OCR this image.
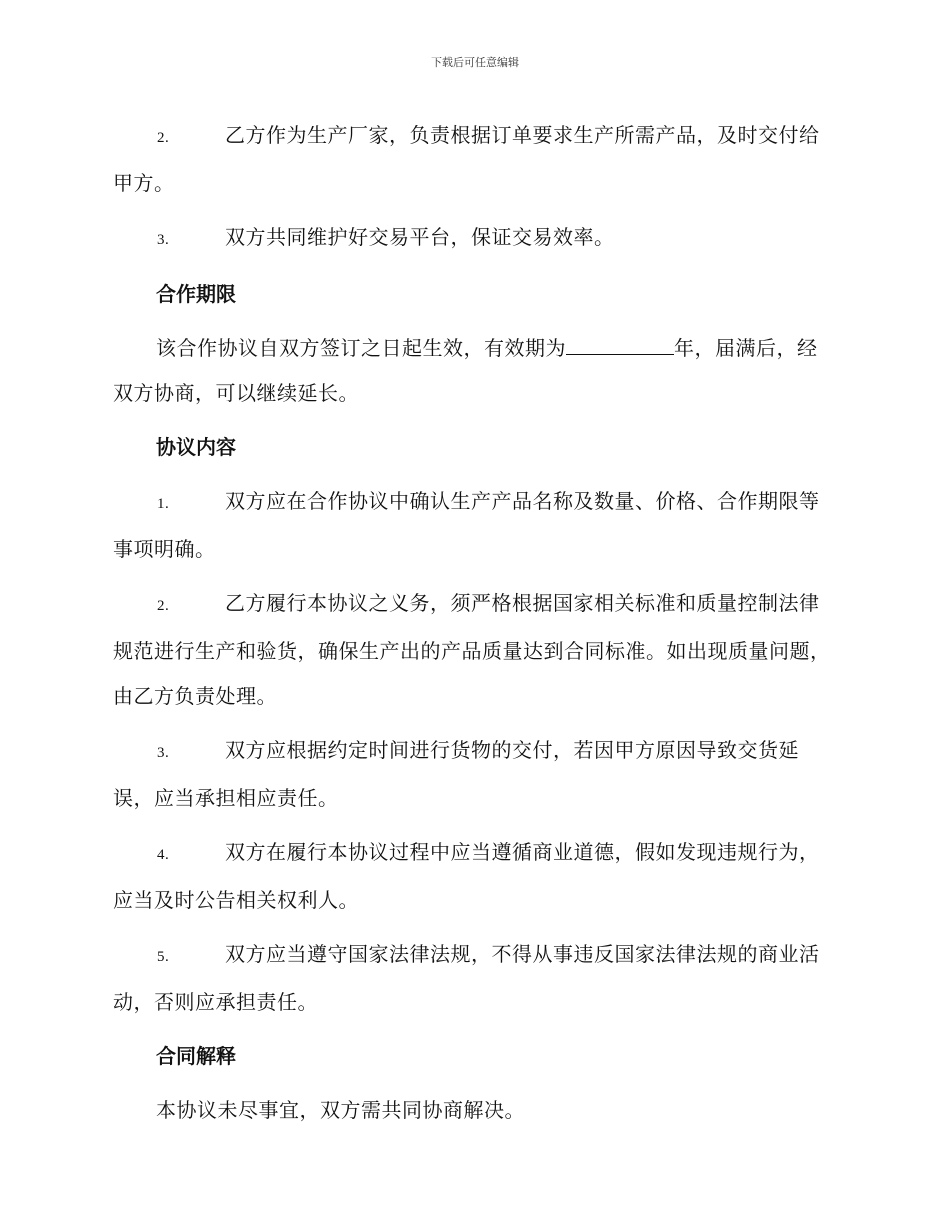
下载后可任意编辑
2.	乙方作为生产厂家，负责根据订单要求生产所需产品，及时交付给甲方。
3.	双方共同维护好交易平台，保证交易效率。
合作期限
该合作协议自双方签订之日起生效，有效期为	年，届满后，经双方协商，可以继续延长。
协议内容
1.	双方应在合作协议中确认生产产品名称及数量、价格、合作期限等事项明确。
2.	乙方履行本协议之义务，须严格根据国家相关标准和质量控制法律规范进行生产和验货，确保生产出的产品质量达到合同标准。如出现质量问题，由乙方负责处理。
3.	双方应根据约定时间进行货物的交付，若因甲方原因导致交货延误，应当承担相应责任。
4.	双方在履行本协议过程中应当遵循商业道德，假如发现违规行为，应当及时公告相关权利人。
5.	双方应当遵守国家法律法规，不得从事违反国家法律法规的商业活动，否则应承担责任。
合同解释
本协议未尽事宜，双方需共同协商解决。
